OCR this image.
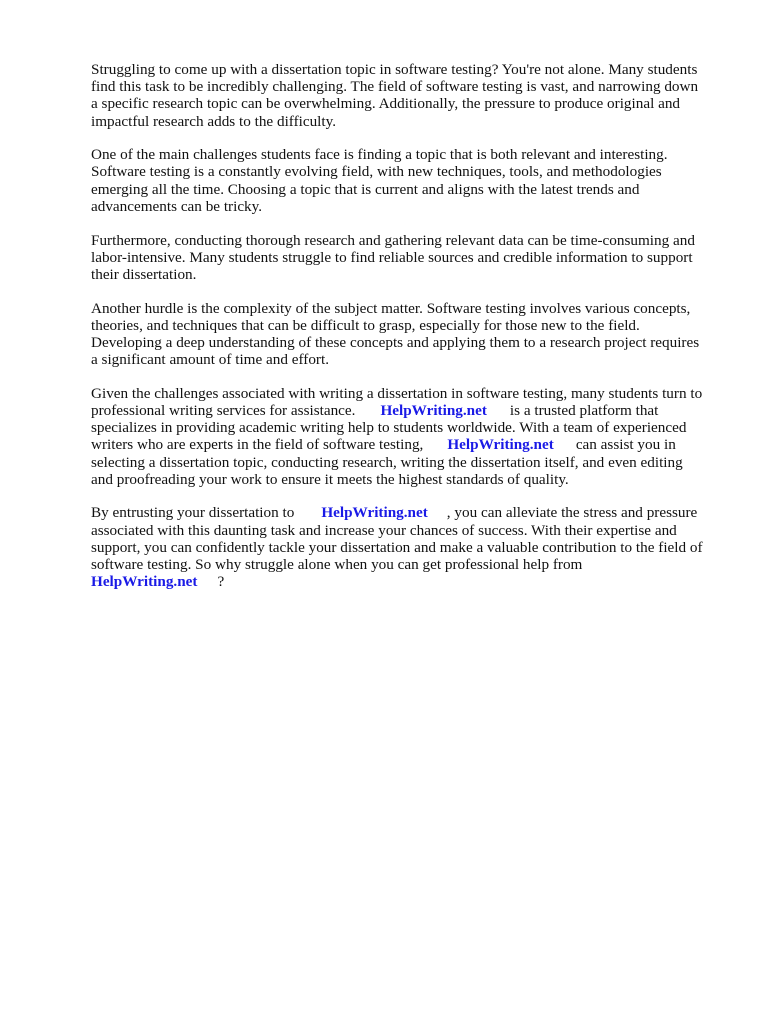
Struggling to come up with a dissertation topic in software testing? You're not alone. Many students
find this task to be incredibly challenging. The field of software testing is vast, and narrowing down
a specific research topic can be overwhelming. Additionally, the pressure to produce original and
impactful research adds to the difficulty.

One of the main challenges students face is finding a topic that is both relevant and interesting.
Software testing is a constantly evolving field, with new techniques, tools, and methodologies
emerging all the time. Choosing a topic that is current and aligns with the latest trends and
advancements can be tricky.

Furthermore, conducting thorough research and gathering relevant data can be time-consuming and
labor-intensive. Many students struggle to find reliable sources and credible information to support
their dissertation.

Another hurdle is the complexity of the subject matter. Software testing involves various concepts,
theories, and techniques that can be difficult to grasp, especially for those new to the field.
Developing a deep understanding of these concepts and applying them to a research project requires
a significant amount of time and effort.

Given the challenges associated with writing a dissertation in software testing, many students turn to
professional writing services for assistance. HelpWriting.net is a trusted platform that
specializes in providing academic writing help to students worldwide. With a team of experienced
writers who are experts in the field of software testing, HelpWriting.net can assist you in
selecting a dissertation topic, conducting research, writing the dissertation itself, and even editing
and proofreading your work to ensure it meets the highest standards of quality.

By entrusting your dissertation to HelpWriting.net , you can alleviate the stress and pressure
associated with this daunting task and increase your chances of success. With their expertise and
support, you can confidently tackle your dissertation and make a valuable contribution to the field of
software testing. So why struggle alone when you can get professional help from
HelpWriting.net ?
